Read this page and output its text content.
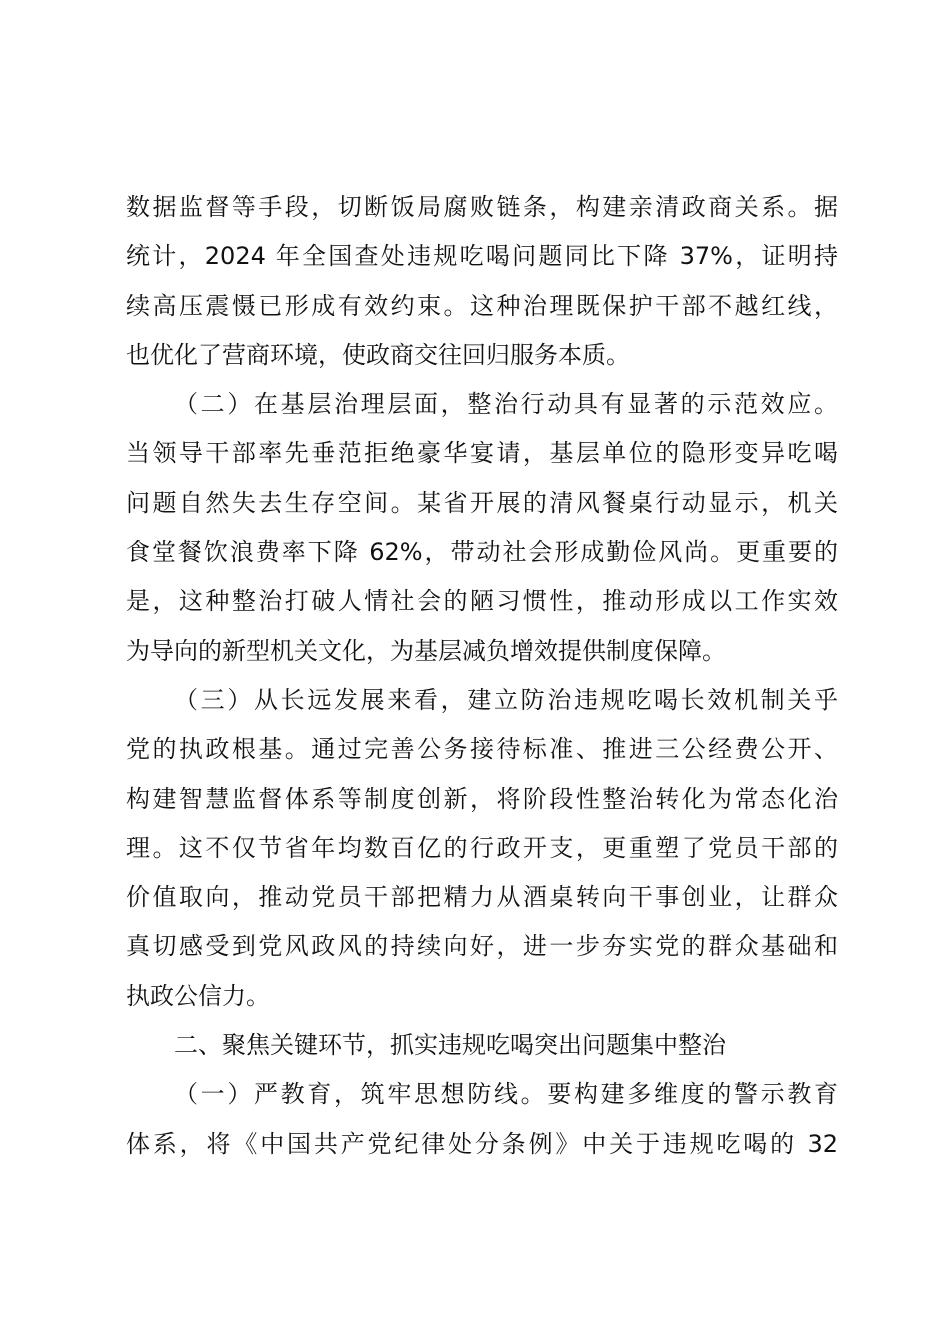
数据监督等手段，切断饭局腐败链条，构建亲清政商关系。据
统计，2024 年全国查处违规吃喝问题同比下降 37%，证明持
续高压震慑已形成有效约束。这种治理既保护干部不越红线，
也优化了营商环境，使政商交往回归服务本质。
（二）在基层治理层面，整治行动具有显著的示范效应。
当领导干部率先垂范拒绝豪华宴请，基层单位的隐形变异吃喝
问题自然失去生存空间。某省开展的清风餐桌行动显示，机关
食堂餐饮浪费率下降 62%，带动社会形成勤俭风尚。更重要的
是，这种整治打破人情社会的陋习惯性，推动形成以工作实效
为导向的新型机关文化，为基层减负增效提供制度保障。
（三）从长远发展来看，建立防治违规吃喝长效机制关乎
党的执政根基。通过完善公务接待标准、推进三公经费公开、
构建智慧监督体系等制度创新，将阶段性整治转化为常态化治
理。这不仅节省年均数百亿的行政开支，更重塑了党员干部的
价值取向，推动党员干部把精力从酒桌转向干事创业，让群众
真切感受到党风政风的持续向好，进一步夯实党的群众基础和
执政公信力。
二、聚焦关键环节，抓实违规吃喝突出问题集中整治
（一）严教育，筑牢思想防线。要构建多维度的警示教育
体系，将《中国共产党纪律处分条例》中关于违规吃喝的 32
